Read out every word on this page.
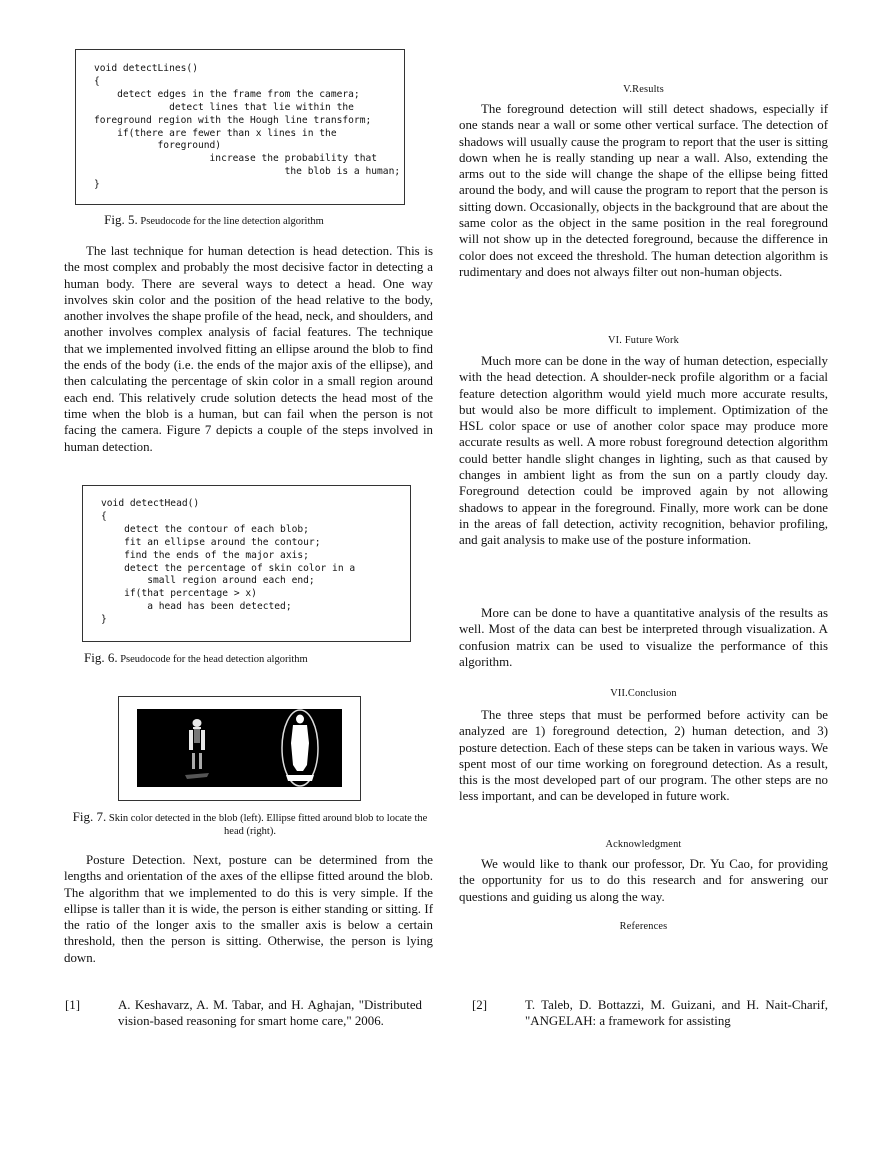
void detectLines()
{
detect edges in the frame from the camera;
detect lines that lie within the
foreground region with the Hough line transform;
if(there are fewer than x lines in the
foreground)
increase the probability that
the blob is a human;
}
Fig. 5. Pseudocode for the line detection algorithm

The last technique for human detection is head detection. This is the most complex and probably the most decisive factor in detecting a human body. There are several ways to detect a head. One way involves skin color and the position of the head relative to the body, another involves the shape profile of the head, neck, and shoulders, and another involves complex analysis of facial features. The technique that we implemented involved fitting an ellipse around the blob to find the ends of the body (i.e. the ends of the major axis of the ellipse), and then calculating the percentage of skin color in a small region around each end. This relatively crude solution detects the head most of the time when the blob is a human, but can fail when the person is not facing the camera. Figure 7 depicts a couple of the steps involved in human detection.

void detectHead()
{
detect the contour of each blob;
fit an ellipse around the contour;
find the ends of the major axis;
detect the percentage of skin color in a
small region around each end;
if(that percentage > x)
a head has been detected;
}
Fig. 6. Pseudocode for the head detection algorithm
Fig. 7. Skin color detected in the blob (left). Ellipse fitted around blob to locate the head (right).

Posture Detection. Next, posture can be determined from the lengths and orientation of the axes of the ellipse fitted around the blob. The algorithm that we implemented to do this is very simple. If the ellipse is taller than it is wide, the person is either standing or sitting. If the ratio of the longer axis to the smaller axis is below a certain threshold, then the person is sitting. Otherwise, the person is lying down.

V.Results

The foreground detection will still detect shadows, especially if one stands near a wall or some other vertical surface. The detection of shadows will usually cause the program to report that the user is sitting down when he is really standing up near a wall. Also, extending the arms out to the side will change the shape of the ellipse being fitted around the body, and will cause the program to report that the person is sitting down. Occasionally, objects in the background that are about the same color as the object in the same position in the real foreground will not show up in the detected foreground, because the difference in color does not exceed the threshold. The human detection algorithm is rudimentary and does not always filter out non-human objects.

VI. Future Work

Much more can be done in the way of human detection, especially with the head detection. A shoulder-neck profile algorithm or a facial feature detection algorithm would yield much more accurate results, but would also be more difficult to implement. Optimization of the HSL color space or use of another color space may produce more accurate results as well. A more robust foreground detection algorithm could better handle slight changes in lighting, such as that caused by changes in ambient light as from the sun on a partly cloudy day. Foreground detection could be improved again by not allowing shadows to appear in the foreground. Finally, more work can be done in the areas of fall detection, activity recognition, behavior profiling, and gait analysis to make use of the posture information.

More can be done to have a quantitative analysis of the results as well. Most of the data can best be interpreted through visualization. A confusion matrix can be used to visualize the performance of this algorithm.

VII.Conclusion

The three steps that must be performed before activity can be analyzed are 1) foreground detection, 2) human detection, and 3) posture detection. Each of these steps can be taken in various ways. We spent most of our time working on foreground detection. As a result, this is the most developed part of our program. The other steps are no less important, and can be developed in future work.

Acknowledgment

We would like to thank our professor, Dr. Yu Cao, for providing the opportunity for us to do this research and for answering our questions and guiding us along the way.

References
[1]	A. Keshavarz, A. M. Tabar, and H. Aghajan, "Distributed vision-based reasoning for smart home care," 2006.
[2]	T. Taleb, D. Bottazzi, M. Guizani, and H. Nait-Charif, "ANGELAH: a framework for assisting
